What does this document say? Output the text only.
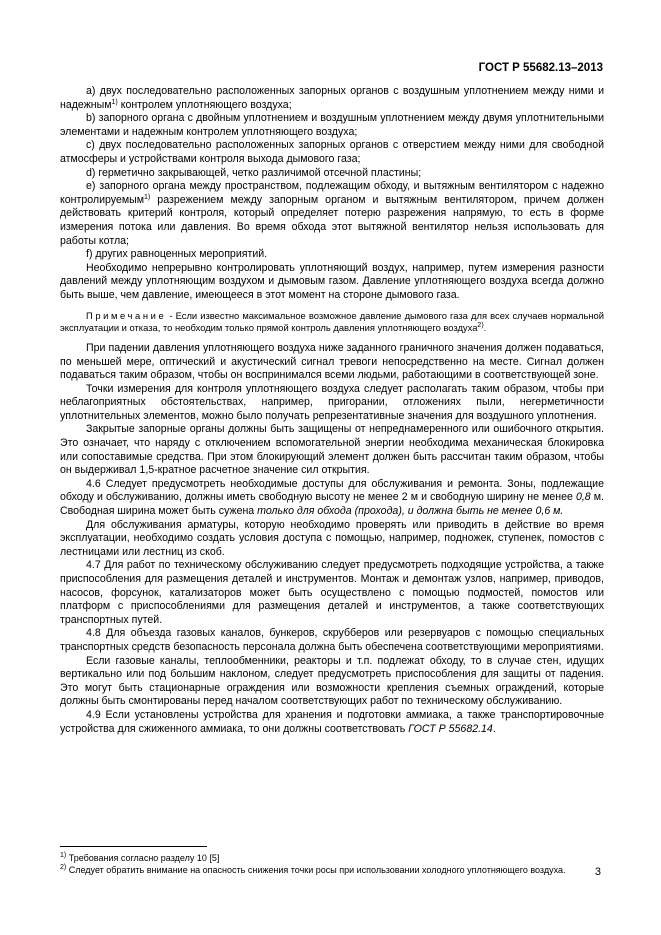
ГОСТ Р 55682.13–2013

a) двух последовательно расположенных запорных органов с воздушным уплотнением между ними и надежным$^{1)}$ контролем уплотняющего воздуха;

b) запорного органа с двойным уплотнением и воздушным уплотнением между двумя уплотнительными элементами и надежным контролем уплотняющего воздуха;

c) двух последовательно расположенных запорных органов с отверстием между ними для свободной атмосферы и устройствами контроля выхода дымового газа;

d) герметично закрывающей, четко различимой отсечной пластины;

e) запорного органа между пространством, подлежащим обходу, и вытяжным вентилятором с надежно контролируемым$^{1)}$ разрежением между запорным органом и вытяжным вентилятором, причем должен действовать критерий контроля, который определяет потерю разрежения напрямую, то есть в форме измерения потока или давления. Во время обхода этот вытяжной вентилятор нельзя использовать для работы котла;

f) других равноценных мероприятий.

Необходимо непрерывно контролировать уплотняющий воздух, например, путем измерения разности давлений между уплотняющим воздухом и дымовым газом. Давление уплотняющего воздуха всегда должно быть выше, чем давление, имеющееся в этот момент на стороне дымового газа.

Примечание - Если известно максимальное возможное давление дымового газа для всех случаев нормальной эксплуатации и отказа, то необходим только прямой контроль давления уплотняющего воздуха$^{2)}$.

При падении давления уплотняющего воздуха ниже заданного граничного значения должен подаваться, по меньшей мере, оптический и акустический сигнал тревоги непосредственно на месте. Сигнал должен подаваться таким образом, чтобы он воспринимался всеми людьми, работающими в соответствующей зоне.

Точки измерения для контроля уплотняющего воздуха следует располагать таким образом, чтобы при неблагоприятных обстоятельствах, например, пригорании, отложениях пыли, негерметичности уплотнительных элементов, можно было получать репрезентативные значения для воздушного уплотнения.

Закрытые запорные органы должны быть защищены от непреднамеренного или ошибочного открытия. Это означает, что наряду с отключением вспомогательной энергии необходима механическая блокировка или сопоставимые средства. При этом блокирующий элемент должен быть рассчитан таким образом, чтобы он выдерживал 1,5-кратное расчетное значение сил открытия.

4.6 Следует предусмотреть необходимые доступы для обслуживания и ремонта. Зоны, подлежащие обходу и обслуживанию, должны иметь свободную высоту не менее 2 м и свободную ширину не менее 0,8 м. Свободная ширина может быть сужена только для обхода (прохода), и должна быть не менее 0,6 м.

Для обслуживания арматуры, которую необходимо проверять или приводить в действие во время эксплуатации, необходимо создать условия доступа с помощью, например, подножек, ступенек, помостов с лестницами или лестниц из скоб.

4.7 Для работ по техническому обслуживанию следует предусмотреть подходящие устройства, а также приспособления для размещения деталей и инструментов. Монтаж и демонтаж узлов, например, приводов, насосов, форсунок, катализаторов может быть осуществлено с помощью подмостей, помостов или платформ с приспособлениями для размещения деталей и инструментов, а также соответствующих транспортных путей.

4.8 Для объезда газовых каналов, бункеров, скрубберов или резервуаров с помощью специальных транспортных средств безопасность персонала должна быть обеспечена соответствующими мероприятиями.

Если газовые каналы, теплообменники, реакторы и т.п. подлежат обходу, то в случае стен, идущих вертикально или под большим наклоном, следует предусмотреть приспособления для защиты от падения. Это могут быть стационарные ограждения или возможности крепления съемных ограждений, которые должны быть смонтированы перед началом соответствующих работ по техническому обслуживанию.

4.9 Если установлены устройства для хранения и подготовки аммиака, а также транспортировочные устройства для сжиженного аммиака, то они должны соответствовать ГОСТ Р 55682.14.

$^{1)}$ Требования согласно разделу 10 [5]
$^{2)}$ Следует обратить внимание на опасность снижения точки росы при использовании холодного уплотняющего воздуха.	3
